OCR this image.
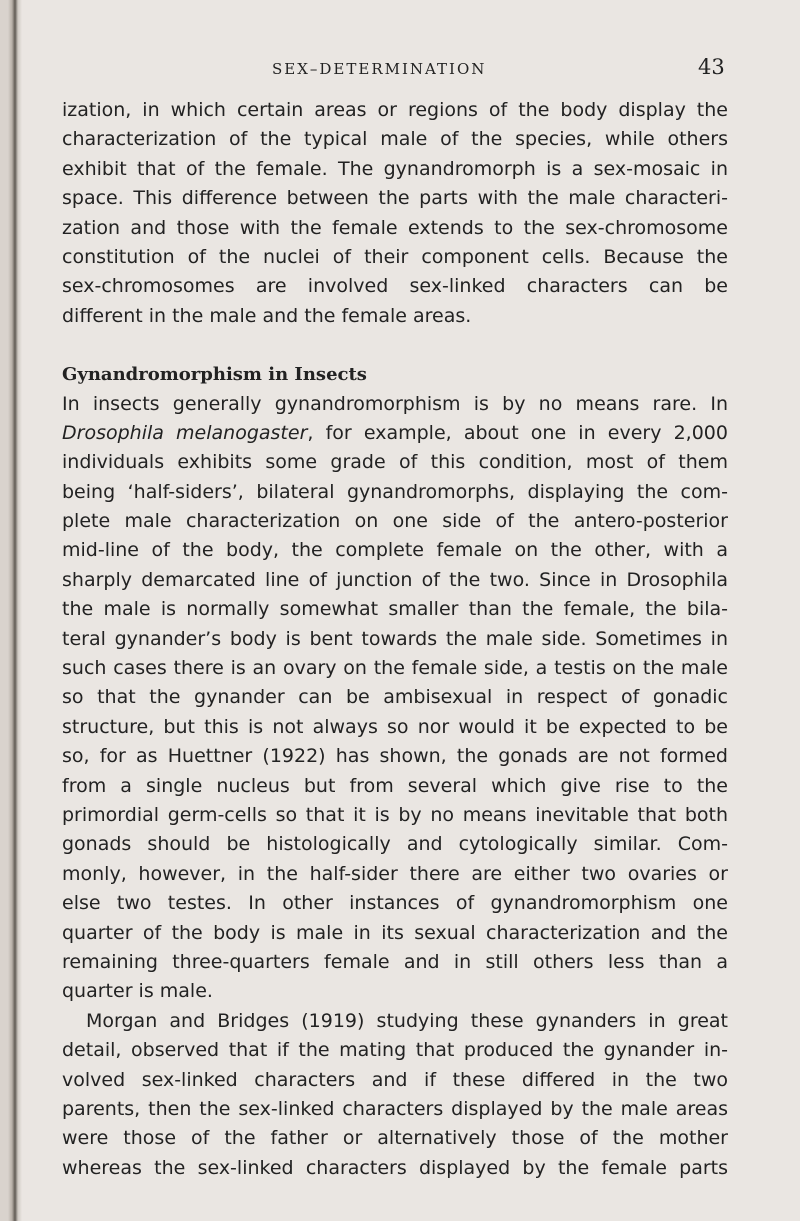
SEX–DETERMINATION	43
ization, in which certain areas or regions of the body display the
characterization of the typical male of the species, while others
exhibit that of the female. The gynandromorph is a sex-mosaic in
space. This difference between the parts with the male characteri-
zation and those with the female extends to the sex-chromosome
constitution of the nuclei of their component cells. Because the
sex-chromosomes are involved sex-linked characters can be
different in the male and the female areas.
Gynandromorphism in Insects
In insects generally gynandromorphism is by no means rare. In
Drosophila melanogaster, for example, about one in every 2,000
individuals exhibits some grade of this condition, most of them
being ‘half-siders’, bilateral gynandromorphs, displaying the com-
plete male characterization on one side of the antero-posterior
mid-line of the body, the complete female on the other, with a
sharply demarcated line of junction of the two. Since in Drosophila
the male is normally somewhat smaller than the female, the bila-
teral gynander’s body is bent towards the male side. Sometimes in
such cases there is an ovary on the female side, a testis on the male
so that the gynander can be ambisexual in respect of gonadic
structure, but this is not always so nor would it be expected to be
so, for as Huettner (1922) has shown, the gonads are not formed
from a single nucleus but from several which give rise to the
primordial germ-cells so that it is by no means inevitable that both
gonads should be histologically and cytologically similar. Com-
monly, however, in the half-sider there are either two ovaries or
else two testes. In other instances of gynandromorphism one
quarter of the body is male in its sexual characterization and the
remaining three-quarters female and in still others less than a
quarter is male.
Morgan and Bridges (1919) studying these gynanders in great
detail, observed that if the mating that produced the gynander in-
volved sex-linked characters and if these differed in the two
parents, then the sex-linked characters displayed by the male areas
were those of the father or alternatively those of the mother
whereas the sex-linked characters displayed by the female parts
